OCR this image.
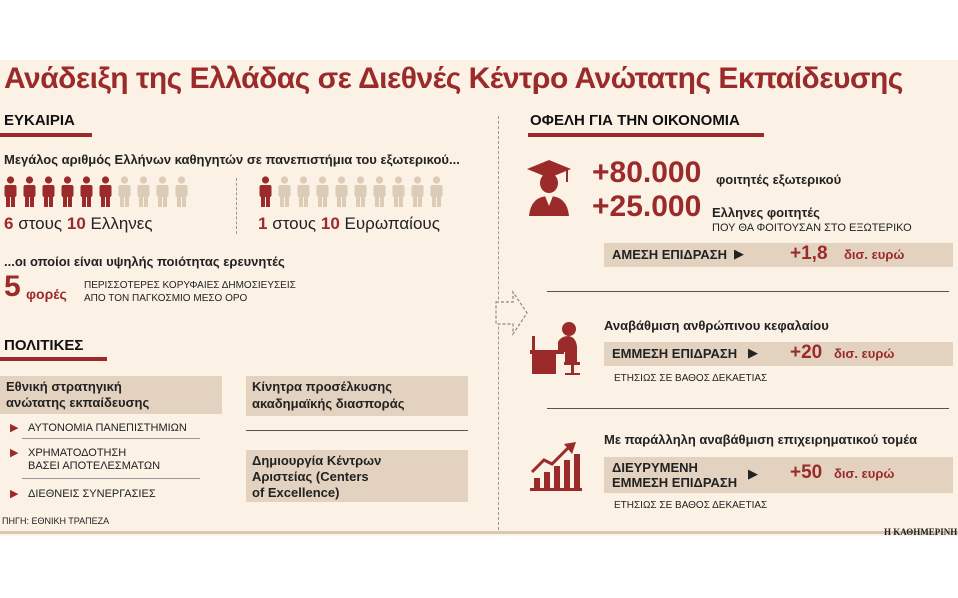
Ανάδειξη της Ελλάδας σε Διεθνές Κέντρο Ανώτατης Εκπαίδευσης
ΕΥΚΑΙΡΙΑ
Μεγάλος αριθμός Ελλήνων καθηγητών σε πανεπιστήμια του εξωτερικού...
6 στους 10 Ελληνες	1 στους 10 Ευρωπαίους
...οι οποίοι είναι υψηλής ποιότητας ερευνητές
5 φορές
ΠΕΡΙΣΣΟΤΕΡΕΣ ΚΟΡΥΦΑΙΕΣ ΔΗΜΟΣΙΕΥΣΕΙΣ
ΑΠΟ ΤΟΝ ΠΑΓΚΟΣΜΙΟ ΜΕΣΟ ΟΡΟ
ΠΟΛΙΤΙΚΕΣ
Εθνική στρατηγική
ανώτατης εκπαίδευσης
▶ ΑΥΤΟΝΟΜΙΑ ΠΑΝΕΠΙΣΤΗΜΙΩΝ
▶ ΧΡΗΜΑΤΟΔΟΤΗΣΗ
ΒΑΣΕΙ ΑΠΟΤΕΛΕΣΜΑΤΩΝ
▶ ΔΙΕΘΝΕΙΣ ΣΥΝΕΡΓΑΣΙΕΣ
Κίνητρα προσέλκυσης
ακαδημαϊκής διασποράς
Δημιουργία Κέντρων
Αριστείας (Centers
of Excellence)
ΠΗΓΗ: ΕΘΝΙΚΗ ΤΡΑΠΕΖΑ
ΟΦΕΛΗ ΓΙΑ ΤΗΝ ΟΙΚΟΝΟΜΙΑ
+80.000 φοιτητές εξωτερικού
+25.000 Ελληνες φοιτητές
ΠΟΥ ΘΑ ΦΟΙΤΟΥΣΑΝ ΣΤΟ ΕΞΩΤΕΡΙΚΟ
ΑΜΕΣΗ ΕΠΙΔΡΑΣΗ ▶ +1,8 δισ. ευρώ
Αναβάθμιση ανθρώπινου κεφαλαίου
ΕΜΜΕΣΗ ΕΠΙΔΡΑΣΗ ▶ +20 δισ. ευρώ
ΕΤΗΣΙΩΣ ΣΕ ΒΑΘΟΣ ΔΕΚΑΕΤΙΑΣ
Με παράλληλη αναβάθμιση επιχειρηματικού τομέα
ΔΙΕΥΡΥΜΕΝΗ
ΕΜΜΕΣΗ ΕΠΙΔΡΑΣΗ
▶ +50 δισ. ευρώ
ΕΤΗΣΙΩΣ ΣΕ ΒΑΘΟΣ ΔΕΚΑΕΤΙΑΣ
Η ΚΑΘΗΜΕΡΙΝΗ
